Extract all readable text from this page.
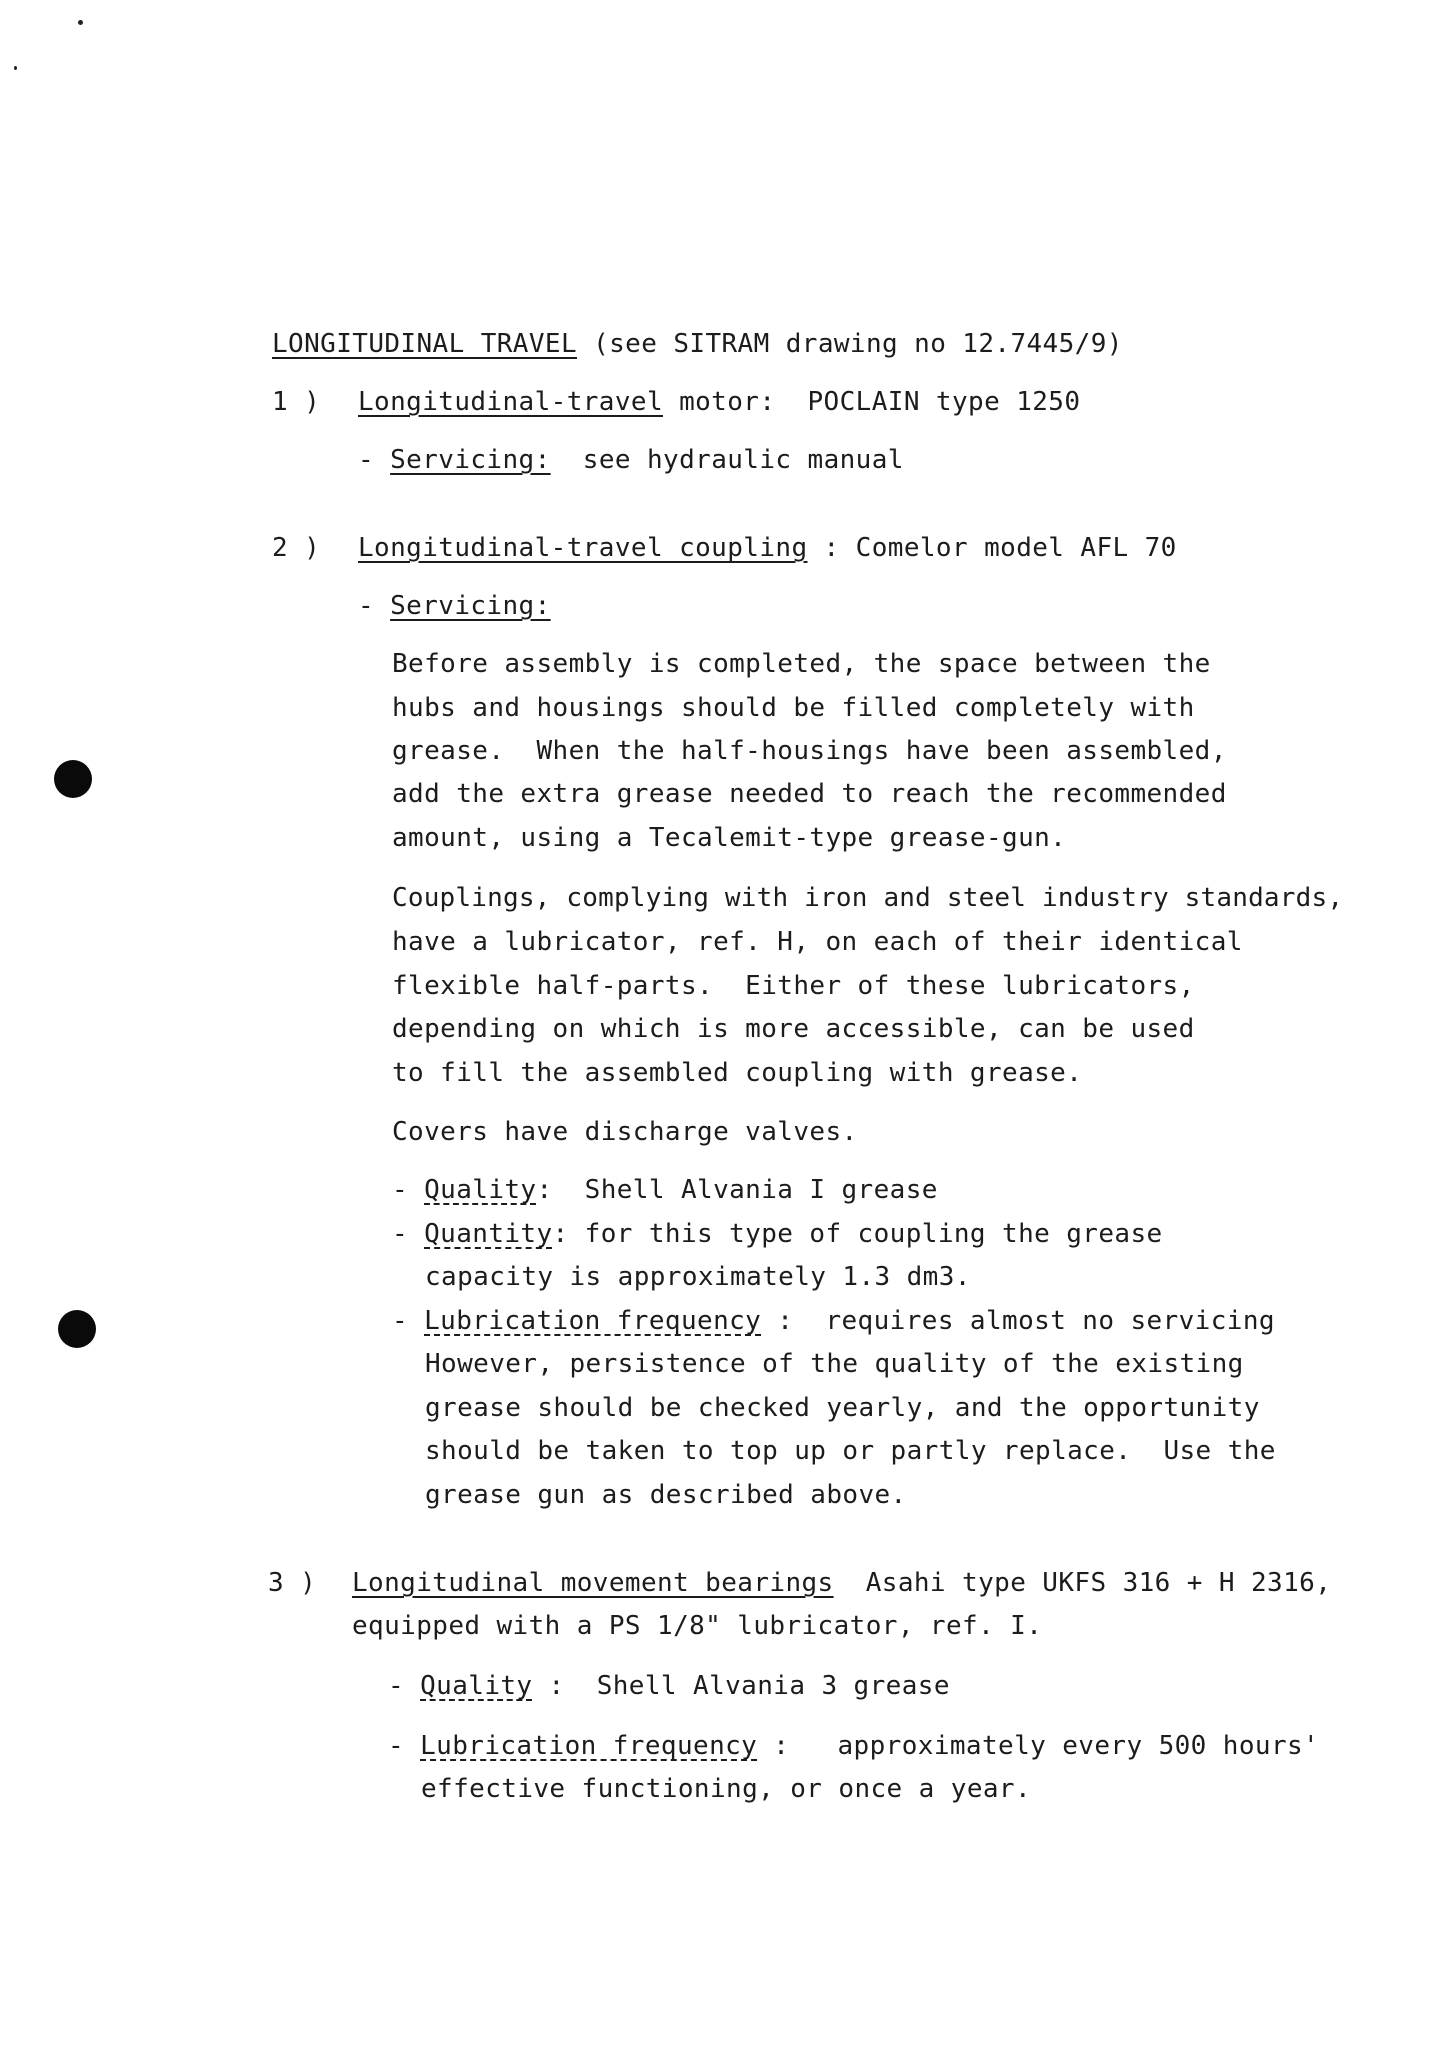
LONGITUDINAL TRAVEL (see SITRAM drawing no 12.7445/9)
1 ) Longitudinal-travel motor:  POCLAIN type 1250
- Servicing:  see hydraulic manual
2 ) Longitudinal-travel coupling : Comelor model AFL 70
- Servicing:
Before assembly is completed, the space between the
hubs and housings should be filled completely with
grease.  When the half-housings have been assembled,
add the extra grease needed to reach the recommended
amount, using a Tecalemit-type grease-gun.
Couplings, complying with iron and steel industry standards,
have a lubricator, ref. H, on each of their identical
flexible half-parts.  Either of these lubricators,
depending on which is more accessible, can be used
to fill the assembled coupling with grease.
Covers have discharge valves.
- Quality:  Shell Alvania I grease
- Quantity: for this type of coupling the grease
capacity is approximately 1.3 dm3.
- Lubrication frequency :  requires almost no servicing
However, persistence of the quality of the existing
grease should be checked yearly, and the opportunity
should be taken to top up or partly replace.  Use the
grease gun as described above.
3 ) Longitudinal movement bearings  Asahi type UKFS 316 + H 2316,
equipped with a PS 1/8" lubricator, ref. I.
- Quality :  Shell Alvania 3 grease
- Lubrication frequency :   approximately every 500 hours'
effective functioning, or once a year.
